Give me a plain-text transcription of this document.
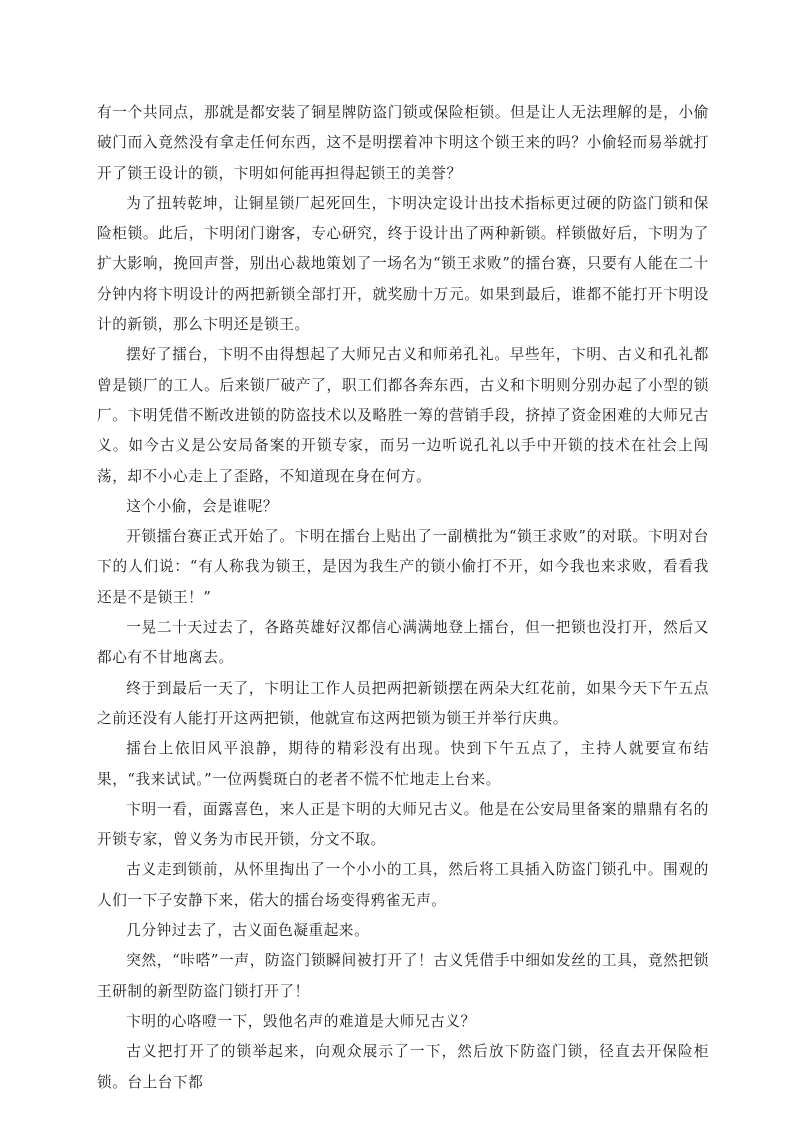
有一个共同点，那就是都安装了铜星牌防盗门锁或保险柜锁。但是让人无法理解的是，小偷破门而入竟然没有拿走任何东西，这不是明摆着冲卞明这个锁王来的吗？小偷轻而易举就打开了锁王设计的锁，卞明如何能再担得起锁王的美誉？

为了扭转乾坤，让铜星锁厂起死回生，卞明决定设计出技术指标更过硬的防盗门锁和保险柜锁。此后，卞明闭门谢客，专心研究，终于设计出了两种新锁。样锁做好后，卞明为了扩大影响，挽回声誉，别出心裁地策划了一场名为“锁王求败”的擂台赛，只要有人能在二十分钟内将卞明设计的两把新锁全部打开，就奖励十万元。如果到最后，谁都不能打开卞明设计的新锁，那么卞明还是锁王。

摆好了擂台，卞明不由得想起了大师兄古义和师弟孔礼。早些年，卞明、古义和孔礼都曾是锁厂的工人。后来锁厂破产了，职工们都各奔东西，古义和卞明则分别办起了小型的锁厂。卞明凭借不断改进锁的防盗技术以及略胜一筹的营销手段，挤掉了资金困难的大师兄古义。如今古义是公安局备案的开锁专家，而另一边听说孔礼以手中开锁的技术在社会上闯荡，却不小心走上了歪路，不知道现在身在何方。

这个小偷，会是谁呢？

开锁擂台赛正式开始了。卞明在擂台上贴出了一副横批为“锁王求败”的对联。卞明对台下的人们说：“有人称我为锁王，是因为我生产的锁小偷打不开，如今我也来求败，看看我还是不是锁王！”

一晃二十天过去了，各路英雄好汉都信心满满地登上擂台，但一把锁也没打开，然后又都心有不甘地离去。

终于到最后一天了，卞明让工作人员把两把新锁摆在两朵大红花前，如果今天下午五点之前还没有人能打开这两把锁，他就宣布这两把锁为锁王并举行庆典。

擂台上依旧风平浪静，期待的精彩没有出现。快到下午五点了，主持人就要宣布结果，“我来试试。”一位两鬓斑白的老者不慌不忙地走上台来。

卞明一看，面露喜色，来人正是卞明的大师兄古义。他是在公安局里备案的鼎鼎有名的开锁专家，曾义务为市民开锁，分文不取。

古义走到锁前，从怀里掏出了一个小小的工具，然后将工具插入防盗门锁孔中。围观的人们一下子安静下来，偌大的擂台场变得鸦雀无声。

几分钟过去了，古义面色凝重起来。

突然，“咔嗒”一声，防盗门锁瞬间被打开了！古义凭借手中细如发丝的工具，竟然把锁王研制的新型防盗门锁打开了！

卞明的心咯噔一下，毁他名声的难道是大师兄古义？

古义把打开了的锁举起来，向观众展示了一下，然后放下防盗门锁，径直去开保险柜锁。台上台下都
